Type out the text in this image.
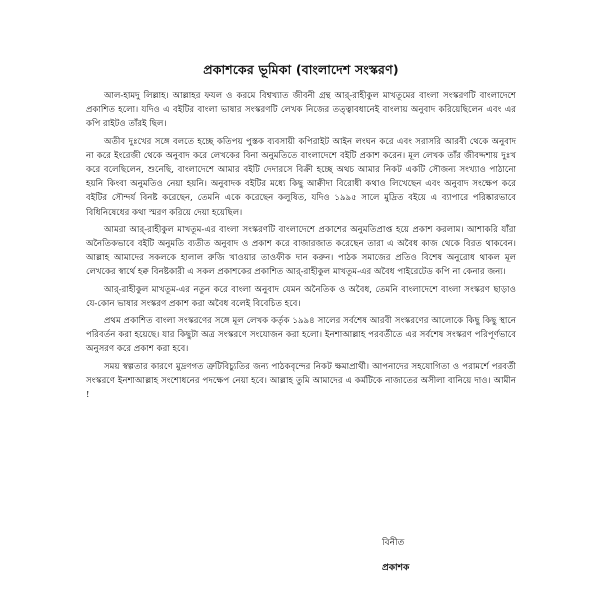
প্রকাশকের ভূমিকা (বাংলাদেশ সংস্করণ)

আল-হামদু লিল্লাহ। আল্লাহর ফযল ও করমে বিশ্বখ্যাত জীবনী গ্রন্থ আর্-রাহীকুল মাখতূমের বাংলা সংস্করণটি বাংলাদেশে প্রকাশিত হলো। যদিও এ বইটির বাংলা ভাষার সংস্করণটি লেখক নিজের তত্ত্বাবধানেই বাংলায় অনুবাদ করিয়েছিলেন এবং এর কপি রাইটও তাঁরই ছিল।

অতীব দুঃখের সঙ্গে বলতে হচ্ছে কতিপয় পুস্তক ব্যবসায়ী কপিরাইট আইন লংঘন করে এবং সরাসরি আরবী থেকে অনুবাদ না করে ইংরেজী থেকে অনুবাদ করে লেখকের বিনা অনুমতিতে বাংলাদেশে বইটি প্রকাশ করেন। মূল লেখক তাঁর জীবদ্দশায় দুঃখ করে বলেছিলেন, শুনেছি, বাংলাদেশে আমার বইটি দেদারসে বিক্রী হচ্ছে অথচ আমার নিকট একটি সৌজন্য সংখ্যাও পাঠানো হয়নি কিংবা অনুমতিও নেয়া হয়নি। অনুবাদক বইটির মধ্যে কিছু আক্বীদা বিরোধী কথাও লিখেছেন এবং অনুবাদ সংক্ষেপ করে বইটির সৌন্দর্য বিনষ্ট করেছেন, তেমনি একে করেছেন কলুষিত, যদিও ১৯৯৫ সালে মুদ্রিত বইয়ে এ ব্যাপারে পরিষ্কারভাবে বিধিনিষেধের কথা স্মরণ করিয়ে দেয়া হয়েছিল।

আমরা আর্-রাহীকুল মাখতূম-এর বাংলা সংস্করণটি বাংলাদেশে প্রকাশের অনুমতিপ্রাপ্ত হয়ে প্রকাশ করলাম। আশাকরি যাঁরা অনৈতিকভাবে বইটি অনুমতি ব্যতীত অনুবাদ ও প্রকাশ করে বাজারজাত করেছেন তারা এ অবৈধ কাজ থেকে বিরত থাকবেন। আল্লাহ আমাদের সকলকে হালাল রুজি খাওয়ার তাওফীক দান করুন। পাঠক সমাজের প্রতিও বিশেষ অনুরোধ থাকল মূল লেখকের স্বার্থে হক্ব বিনষ্টকারী এ সকল প্রকাশকের প্রকাশিত আর্-রাহীকুল মাখতূম-এর অবৈধ পাইরেটেড কপি না কেনার জন্য।

আর্-রাহীকুল মাখতূম-এর নতুন করে বাংলা অনুবাদ যেমন অনৈতিক ও অবৈধ, তেমনি বাংলাদেশে বাংলা সংস্করণ ছাড়াও যে-কোন ভাষার সংস্করণ প্রকাশ করা অবৈধ বলেই বিবেচিত হবে।

প্রথম প্রকাশিত বাংলা সংস্করণের সঙ্গে মূল লেখক কর্তৃক ১৯৯৪ সালের সর্বশেষ আরবী সংস্করণের আলোকে কিছু কিছু স্থানে পরিবর্তন করা হয়েছে। যার কিছুটা অত্র সংস্করণে সংযোজন করা হলো। ইনশাআল্লাহ পরবর্তীতে এর সর্বশেষ সংস্করণ পরিপূর্ণভাবে অনুসরণ করে প্রকাশ করা হবে।

সময় স্বল্পতার কারণে মুদ্রণগত ত্রুটিবিচ্যুতির জন্য পাঠকবৃন্দের নিকট ক্ষমাপ্রার্থী। আপনাদের সহযোগিতা ও পরামর্শে পরবর্তী সংস্করণে ইনশাআল্লাহ সংশোধনের পদক্ষেপ নেয়া হবে। আল্লাহ তুমি আমাদের এ কর্মটিকে নাজাতের অসীলা বানিয়ে দাও। আমীন !

বিনীত
প্রকাশক
